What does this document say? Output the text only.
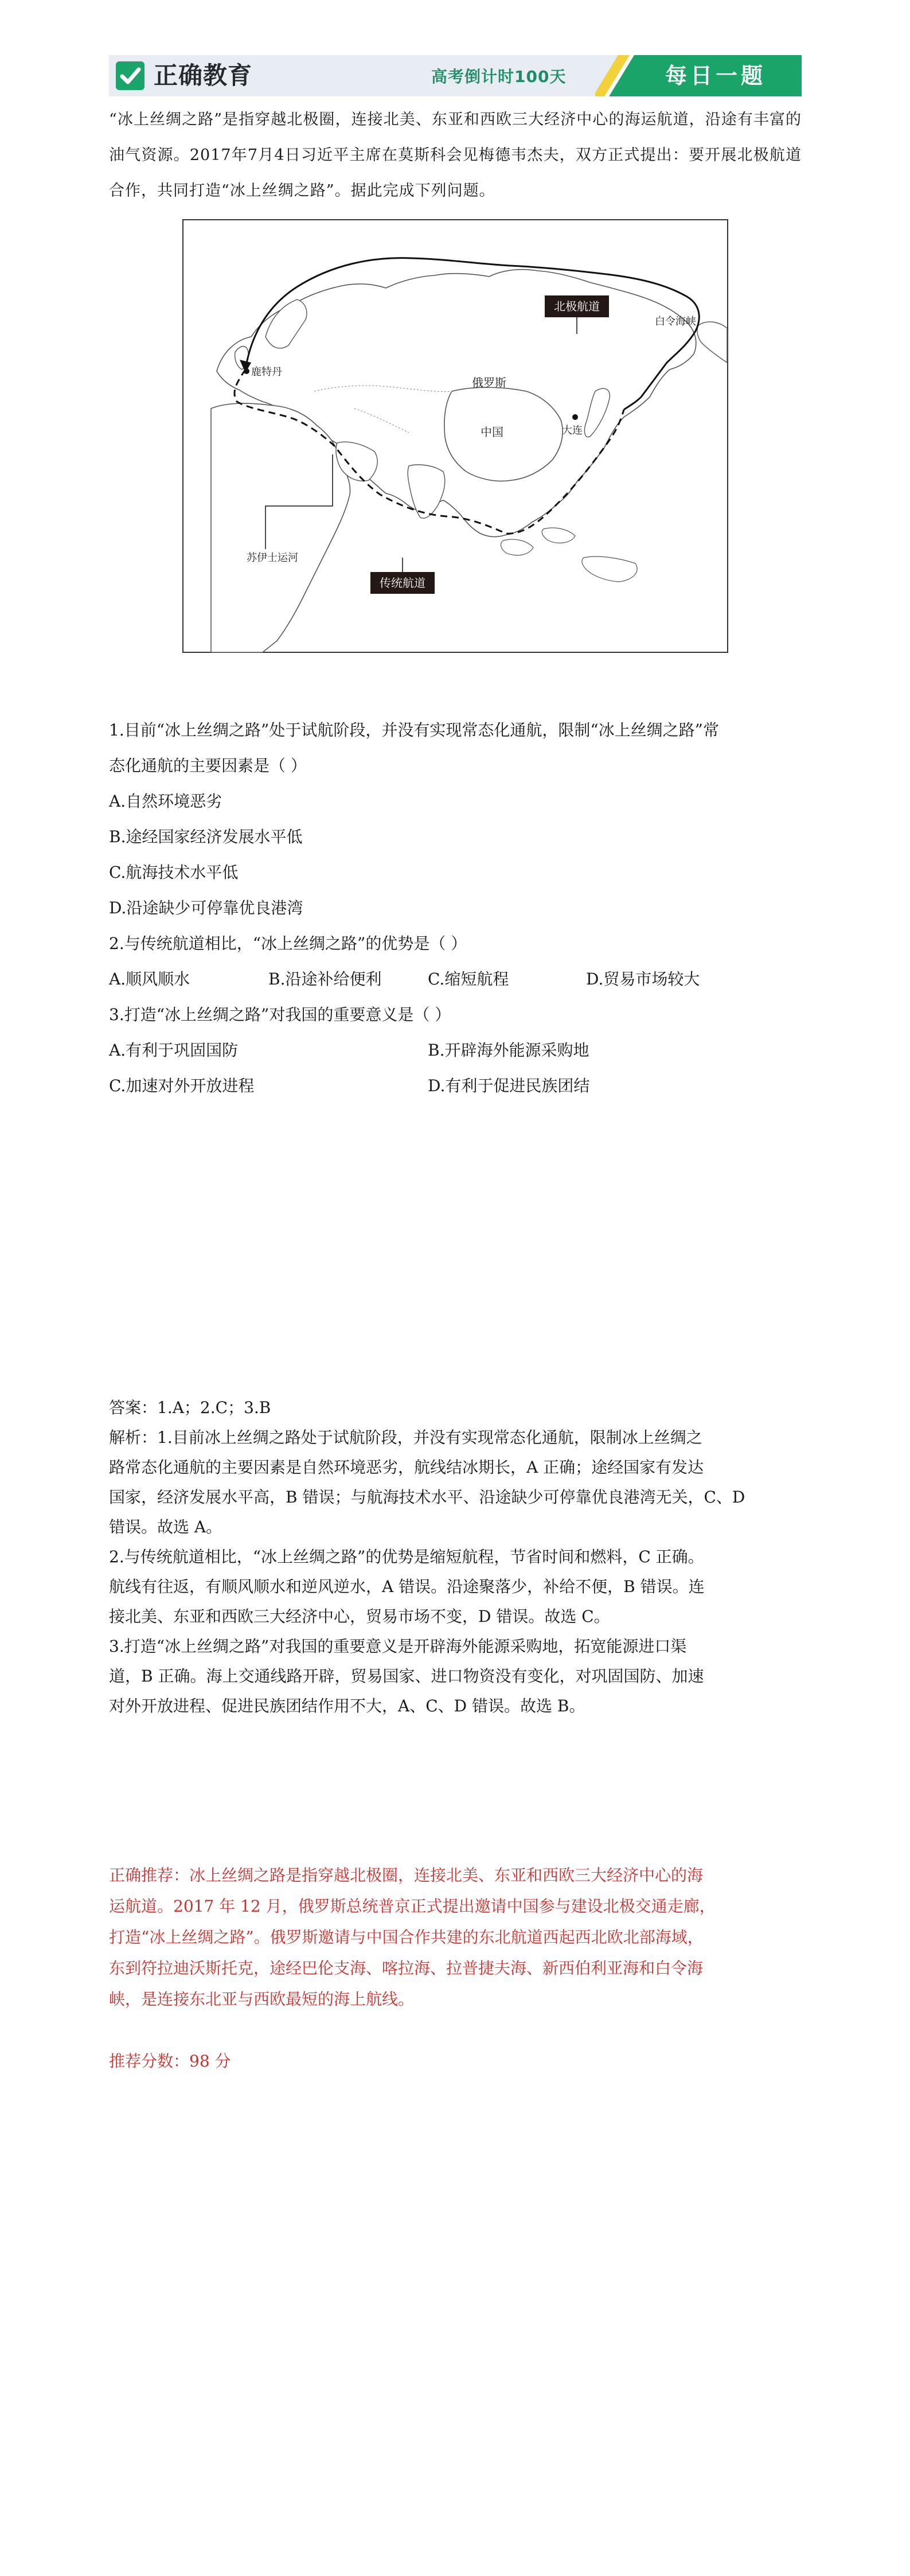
正确教育	高考倒计时100天	每日一题
“冰上丝绸之路”是指穿越北极圈，连接北美、东亚和西欧三大经济中心的海运航道，沿途有丰富的油气资源。2017年7月4日习近平主席在莫斯科会见梅德韦杰夫，双方正式提出：要开展北极航道合作，共同打造“冰上丝绸之路”。据此完成下列问题。
北极航道
传统航道
白令海峡
俄罗斯
鹿特丹
中国	大连
苏伊士运河
1.目前“冰上丝绸之路”处于试航阶段，并没有实现常态化通航，限制“冰上丝绸之路”常
态化通航的主要因素是（ ）
A.自然环境恶劣
B.途经国家经济发展水平低
C.航海技术水平低
D.沿途缺少可停靠优良港湾
2.与传统航道相比，“冰上丝绸之路”的优势是（ ）
A.顺风顺水	B.沿途补给便利	C.缩短航程	D.贸易市场较大
3.打造“冰上丝绸之路”对我国的重要意义是（ ）
A.有利于巩固国防	B.开辟海外能源采购地
C.加速对外开放进程	D.有利于促进民族团结

答案：1.A；2.C；3.B

解析：1.目前冰上丝绸之路处于试航阶段，并没有实现常态化通航，限制冰上丝绸之

路常态化通航的主要因素是自然环境恶劣，航线结冰期长，A 正确；途经国家有发达

国家，经济发展水平高，B 错误；与航海技术水平、沿途缺少可停靠优良港湾无关，C、D

错误。故选 A。

2.与传统航道相比，“冰上丝绸之路”的优势是缩短航程，节省时间和燃料，C 正确。

航线有往返，有顺风顺水和逆风逆水，A 错误。沿途聚落少，补给不便，B 错误。连

接北美、东亚和西欧三大经济中心，贸易市场不变，D 错误。故选 C。

3.打造“冰上丝绸之路”对我国的重要意义是开辟海外能源采购地，拓宽能源进口渠

道，B 正确。海上交通线路开辟，贸易国家、进口物资没有变化，对巩固国防、加速

对外开放进程、促进民族团结作用不大，A、C、D 错误。故选 B。

正确推荐：冰上丝绸之路是指穿越北极圈，连接北美、东亚和西欧三大经济中心的海

运航道。2017 年 12 月，俄罗斯总统普京正式提出邀请中国参与建设北极交通走廊，

打造“冰上丝绸之路”。俄罗斯邀请与中国合作共建的东北航道西起西北欧北部海域，

东到符拉迪沃斯托克，途经巴伦支海、喀拉海、拉普捷夫海、新西伯利亚海和白令海

峡，是连接东北亚与西欧最短的海上航线。

推荐分数：98 分
